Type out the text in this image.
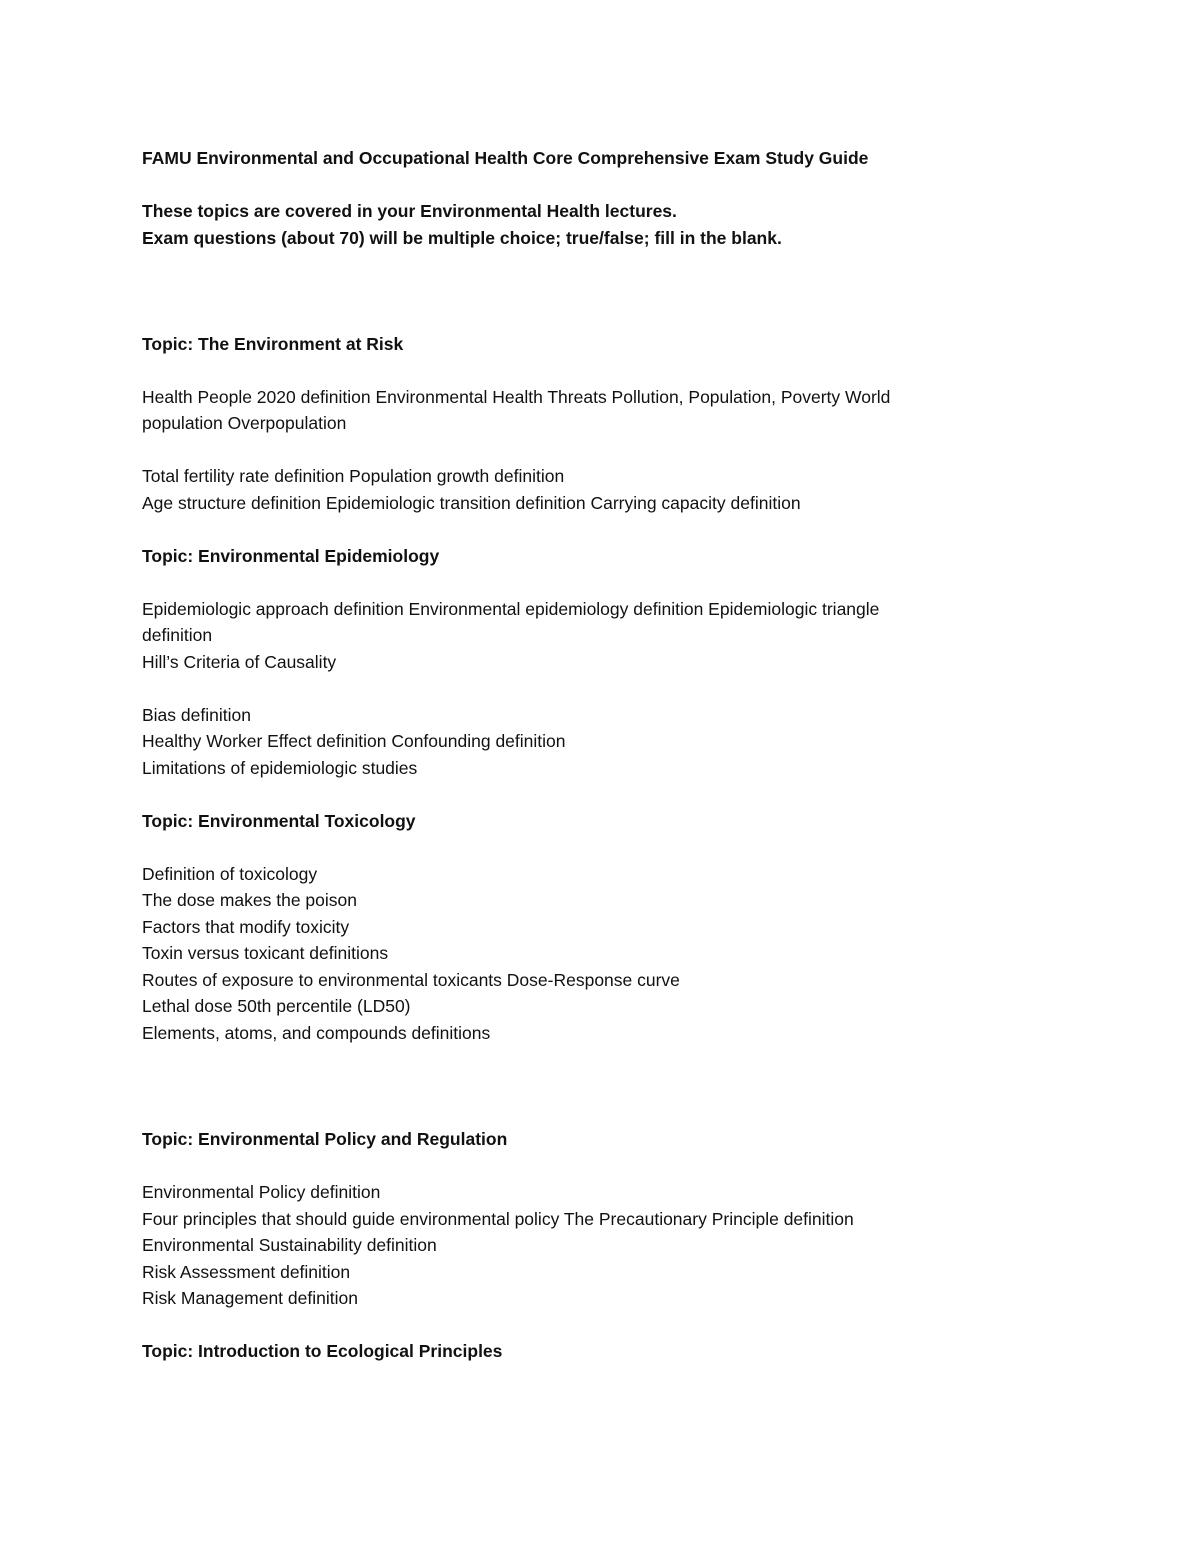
FAMU Environmental and Occupational Health Core Comprehensive Exam Study Guide
These topics are covered in your Environmental Health lectures.
Exam questions (about 70) will be multiple choice; true/false; fill in the blank.
Topic: The Environment at Risk
Health People 2020 definition Environmental Health Threats Pollution, Population, Poverty World
population Overpopulation
Total fertility rate definition Population growth definition
Age structure definition Epidemiologic transition definition Carrying capacity definition
Topic: Environmental Epidemiology
Epidemiologic approach definition Environmental epidemiology definition Epidemiologic triangle
definition
Hill’s Criteria of Causality
Bias definition
Healthy Worker Effect definition Confounding definition
Limitations of epidemiologic studies
Topic: Environmental Toxicology
Definition of toxicology
The dose makes the poison
Factors that modify toxicity
Toxin versus toxicant definitions
Routes of exposure to environmental toxicants Dose-Response curve
Lethal dose 50th percentile (LD50)
Elements, atoms, and compounds definitions
Topic: Environmental Policy and Regulation
Environmental Policy definition
Four principles that should guide environmental policy The Precautionary Principle definition
Environmental Sustainability definition
Risk Assessment definition
Risk Management definition
Topic: Introduction to Ecological Principles
